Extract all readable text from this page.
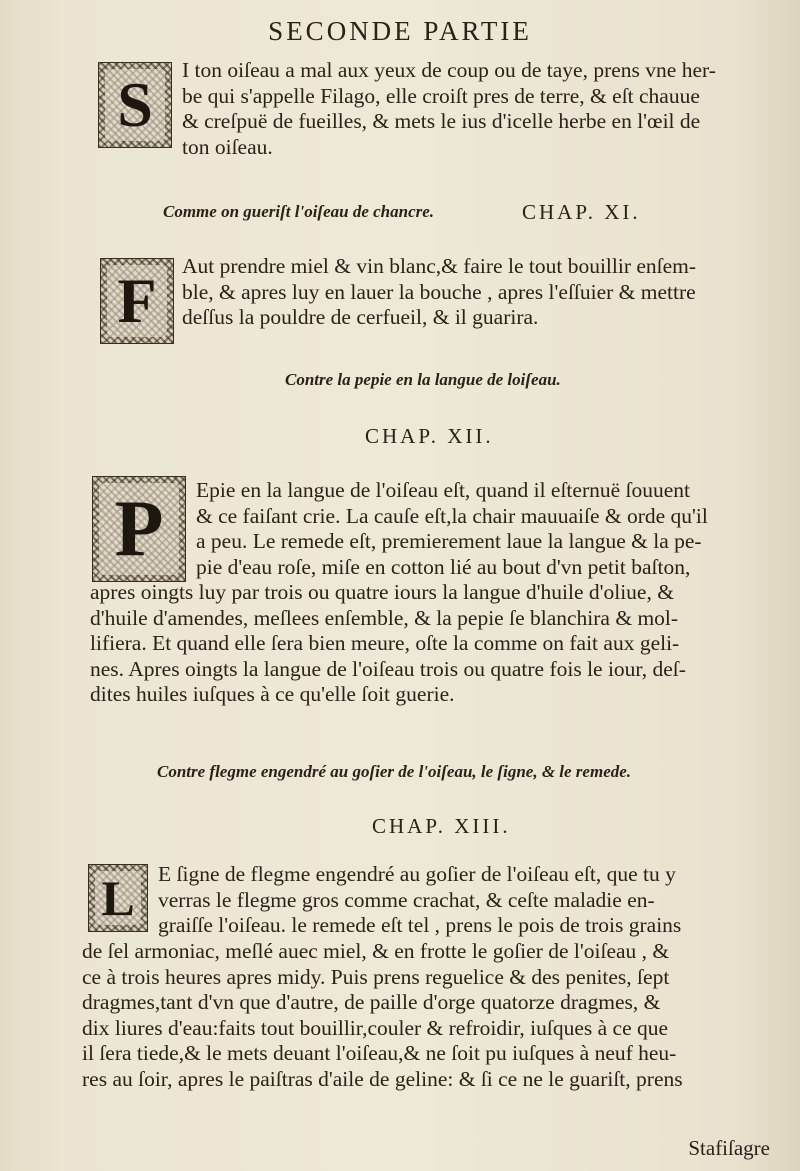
SECONDE PARTIE
S	I ton oiſeau a mal aux yeux de coup ou de taye, prens vne her-
be qui s'appelle Filago, elle croiſt pres de terre, & eſt chauue
& creſpuë de fueilles, & mets le ius d'icelle herbe en l'œil de
ton oiſeau.
Comme on gueriſt l'oiſeau de chancre.	CHAP. XI.
F	Aut prendre miel & vin blanc,& faire le tout bouillir enſem-
ble, & apres luy en lauer la bouche , apres l'eſſuier & mettre
deſſus la pouldre de cerfueil, & il guarira.
Contre la pepie en la langue de loiſeau.
CHAP. XII.
P	Epie en la langue de l'oiſeau eſt, quand il eſternuë ſouuent
& ce faiſant crie. La cauſe eſt,la chair mauuaiſe & orde qu'il
a peu. Le remede eſt, premierement laue la langue & la pe-
pie d'eau roſe, miſe en cotton lié au bout d'vn petit baſton,
apres oingts luy par trois ou quatre iours la langue d'huile d'oliue, &
d'huile d'amendes, meſlees enſemble, & la pepie ſe blanchira & mol-
lifiera. Et quand elle ſera bien meure, oſte la comme on fait aux geli-
nes. Apres oingts la langue de l'oiſeau trois ou quatre fois le iour, deſ-
dites huiles iuſques à ce qu'elle ſoit guerie.
Contre flegme engendré au goſier de l'oiſeau, le ſigne, & le remede.
CHAP. XIII.
L E ſigne de flegme engendré au goſier de l'oiſeau eſt, que tu y
verras le flegme gros comme crachat, & ceſte maladie en-
graiſſe l'oiſeau. le remede eſt tel , prens le pois de trois grains
de ſel armoniac, meſlé auec miel, & en frotte le goſier de l'oiſeau , &
ce à trois heures apres midy. Puis prens reguelice & des penites, ſept
dragmes,tant d'vn que d'autre, de paille d'orge quatorze dragmes, &
dix liures d'eau:faits tout bouillir,couler & refroidir, iuſques à ce que
il ſera tiede,& le mets deuant l'oiſeau,& ne ſoit pu iuſques à neuf heu-
res au ſoir, apres le paiſtras d'aile de geline: & ſi ce ne le guariſt, prens
Stafiſagre
